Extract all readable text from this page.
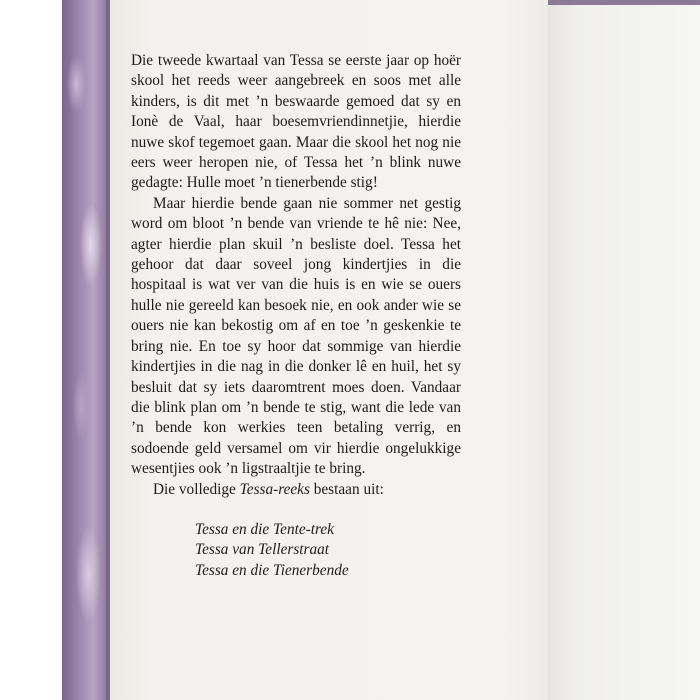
Die tweede kwartaal van Tessa se eerste jaar op hoër skool het reeds weer aangebreek en soos met alle kinders, is dit met ’n beswaarde gemoed dat sy en Ionè de Vaal, haar boesemvriendinnetjie, hierdie nuwe skof tegemoet gaan. Maar die skool het nog nie eers weer heropen nie, of Tessa het ’n blink nuwe gedagte: Hulle moet ’n tienerbende stig!

Maar hierdie bende gaan nie sommer net gestig word om bloot ’n bende van vriende te hê nie: Nee, agter hierdie plan skuil ’n besliste doel. Tessa het gehoor dat daar soveel jong kindertjies in die hospitaal is wat ver van die huis is en wie se ouers hulle nie gereeld kan besoek nie, en ook ander wie se ouers nie kan bekostig om af en toe ’n geskenkie te bring nie. En toe sy hoor dat sommige van hierdie kindertjies in die nag in die donker lê en huil, het sy besluit dat sy iets daaromtrent moes doen. Vandaar die blink plan om ’n bende te stig, want die lede van ’n bende kon werkies teen betaling verrig, en sodoende geld versamel om vir hierdie ongelukkige wesentjies ook ’n ligstraaltjie te bring.

Die volledige Tessa-reeks bestaan uit:

Tessa en die Tente-trek
Tessa van Tellerstraat
Tessa en die Tienerbende
